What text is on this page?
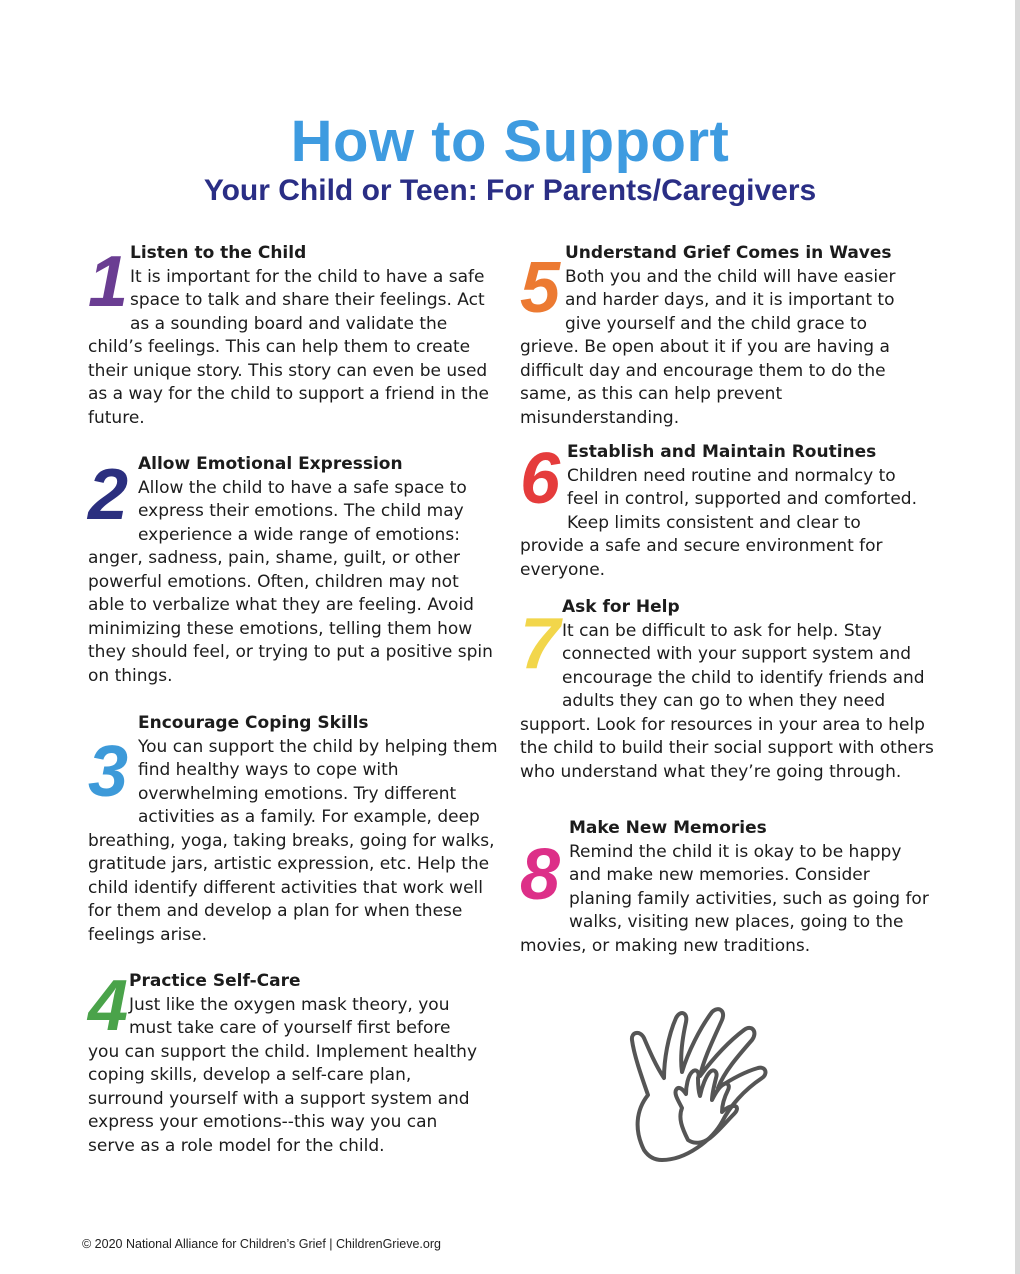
How to Support
Your Child or Teen: For Parents/Caregivers
1 Listen to the Child

It is important for the child to have a safe space to talk and share their feelings. Act as a sounding board and validate the child’s feelings. This can help them to create their unique story. This story can even be used as a way for the child to support a friend in the future.

2 Allow Emotional Expression

Allow the child to have a safe space to express their emotions. The child may experience a wide range of emotions: anger, sadness, pain, shame, guilt, or other powerful emotions. Often, children may not able to verbalize what they are feeling. Avoid minimizing these emotions, telling them how they should feel, or trying to put a positive spin on things.

3
Encourage Coping Skills

You can support the child by helping them find healthy ways to cope with overwhelming emotions. Try different activities as a family. For example, deep breathing, yoga, taking breaks, going for walks, gratitude jars, artistic expression, etc. Help the child identify different activities that work well for them and develop a plan for when these feelings arise.

4 Practice Self-Care

Just like the oxygen mask theory, you must take care of yourself first before you can support the child. Implement healthy coping skills, develop a self-care plan, surround yourself with a support system and express your emotions--this way you can serve as a role model for the child.

5 Understand Grief Comes in Waves

Both you and the child will have easier and harder days, and it is important to give yourself and the child grace to grieve. Be open about it if you are having a difficult day and encourage them to do the same, as this can help prevent misunderstanding.

6 Establish and Maintain Routines

Children need routine and normalcy to feel in control, supported and comforted. Keep limits consistent and clear to provide a safe and secure environment for everyone.

7 Ask for Help

It can be difficult to ask for help. Stay connected with your support system and encourage the child to identify friends and adults they can go to when they need support. Look for resources in your area to help the child to build their social support with others who understand what they’re going through.

8
Make New Memories

Remind the child it is okay to be happy and make new memories. Consider planing family activities, such as going for walks, visiting new places, going to the movies, or making new traditions.

© 2020 National Alliance for Children’s Grief | ChildrenGrieve.org
